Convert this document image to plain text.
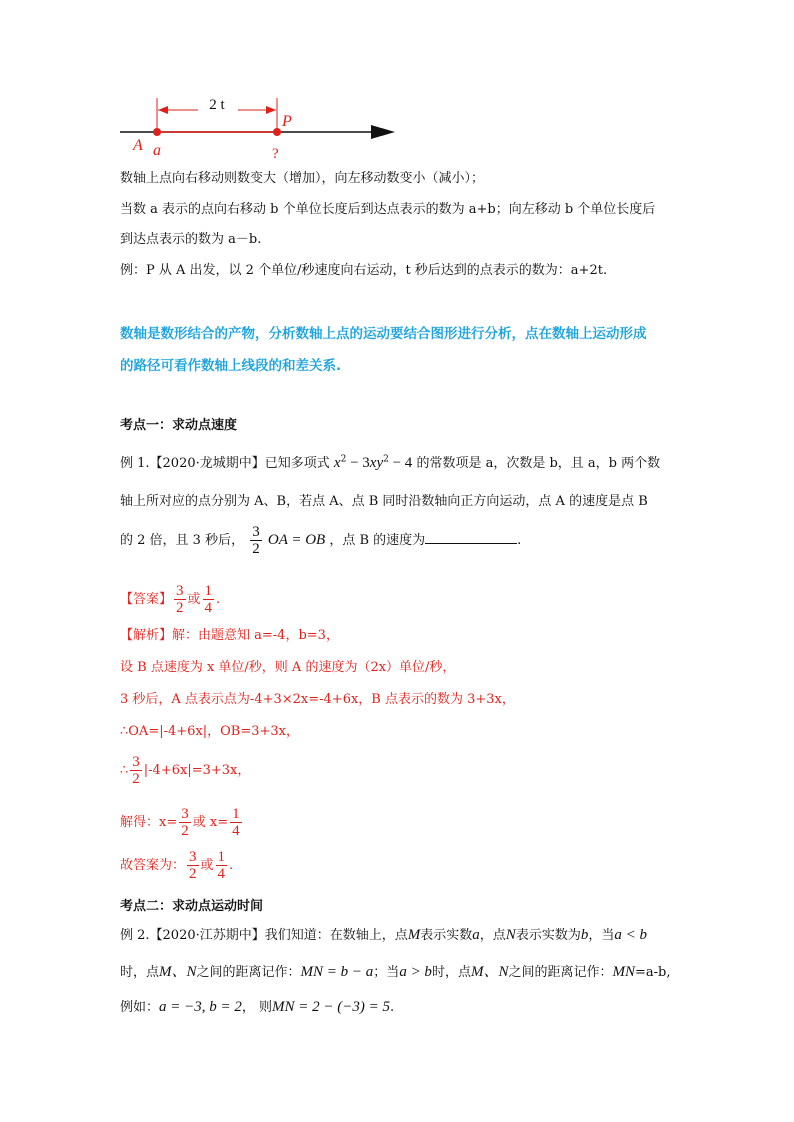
2 t
A a
P
?
数轴上点向右移动则数变大（增加），向左移动数变小（减小）；
当数 a 表示的点向右移动 b 个单位长度后到达点表示的数为 a+b；向左移动 b 个单位长度后
到达点表示的数为 a－b.
例：P 从 A 出发，以 2 个单位/秒速度向右运动，t 秒后达到的点表示的数为：a+2t.
数轴是数形结合的产物，分析数轴上点的运动要结合图形进行分析，点在数轴上运动形成
的路径可看作数轴上线段的和差关系.
考点一：求动点速度
例 1.【2020·龙城期中】已知多项式 $x^2 - 3xy^2 - 4$ 的常数项是 a，次数是 b，且 a，b 两个数
轴上所对应的点分别为 A、B，若点 A、点 B 同时沿数轴向正方向运动，点 A 的速度是点 B
的 2 倍，且 3 秒后， $\frac{3}{2}$ OA = OB ，点 B 的速度为	.
【答案】 $\frac{3}{2}$ 或 $\frac{1}{4}$ .
【解析】解：由题意知 a=-4，b=3，
设 B 点速度为 x 单位/秒，则 A 的速度为（2x）单位/秒，
3 秒后，A 点表示点为-4+3×2x=-4+6x，B 点表示的数为 3+3x，
∴OA=|-4+6x|，OB=3+3x，
∴ $\frac{3}{2} |-4+6x|=3+3x$，
解得：$x= \frac{3}{2}$ 或 $x= \frac{1}{4}$
故答案为： $\frac{3}{2}$ 或 $\frac{1}{4}$ .
考点二：求动点运动时间
例 2.【2020·江苏期中】我们知道：在数轴上，点M表示实数a，点N表示实数为b，当a < b
时，点M、N之间的距离记作：MN = b − a；当a > b时，点M、N之间的距离记作：MN=a-b,
例如：a = −3, b = 2， 则MN = 2 − (−3) = 5.
